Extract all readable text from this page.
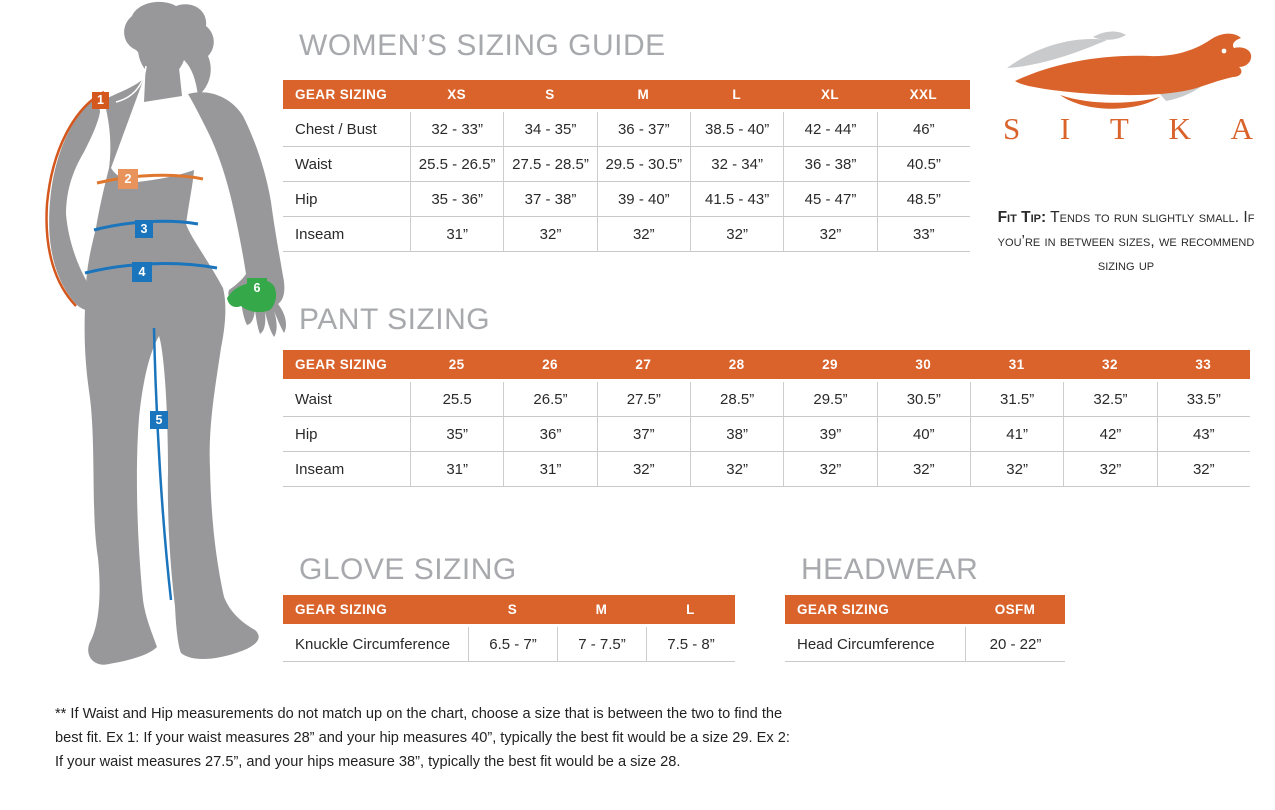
1
2
3
4
5
6
WOMEN’S SIZING GUIDE
GEAR SIZING	XS	S	M	L	XL	XXL
Chest / Bust	32 - 33”	34 - 35”	36 - 37”	38.5 - 40”	42 - 44”	46”
Waist	25.5 - 26.5”	27.5 - 28.5”	29.5 - 30.5”	32 - 34”	36 - 38”	40.5”
Hip	35 - 36”	37 - 38”	39 - 40”	41.5 - 43”	45 - 47”	48.5”
Inseam	31”	32”	32”	32”	32”	33”
S I T K A
Fit Tip: Tends to run slightly small. If you’re in between sizes, we recommend sizing up
PANT SIZING
GEAR SIZING	25	26	27	28	29	30	31	32	33
Waist	25.5	26.5”	27.5”	28.5”	29.5”	30.5”	31.5”	32.5”	33.5”
Hip	35”	36”	37”	38”	39”	40”	41”	42”	43”
Inseam	31”	31”	32”	32”	32”	32”	32”	32”	32”
GLOVE SIZING
GEAR SIZING	S	M	L
Knuckle Circumference	6.5 - 7”	7 - 7.5”	7.5 - 8”
HEADWEAR
GEAR SIZING	OSFM
Head Circumference	20 - 22”
** If Waist and Hip measurements do not match up on the chart, choose a size that is between the two to find the best fit. Ex 1: If your waist measures 28” and your hip measures 40”, typically the best fit would be a size 29. Ex 2: If your waist measures 27.5”, and your hips measure 38”, typically the best fit would be a size 28.
